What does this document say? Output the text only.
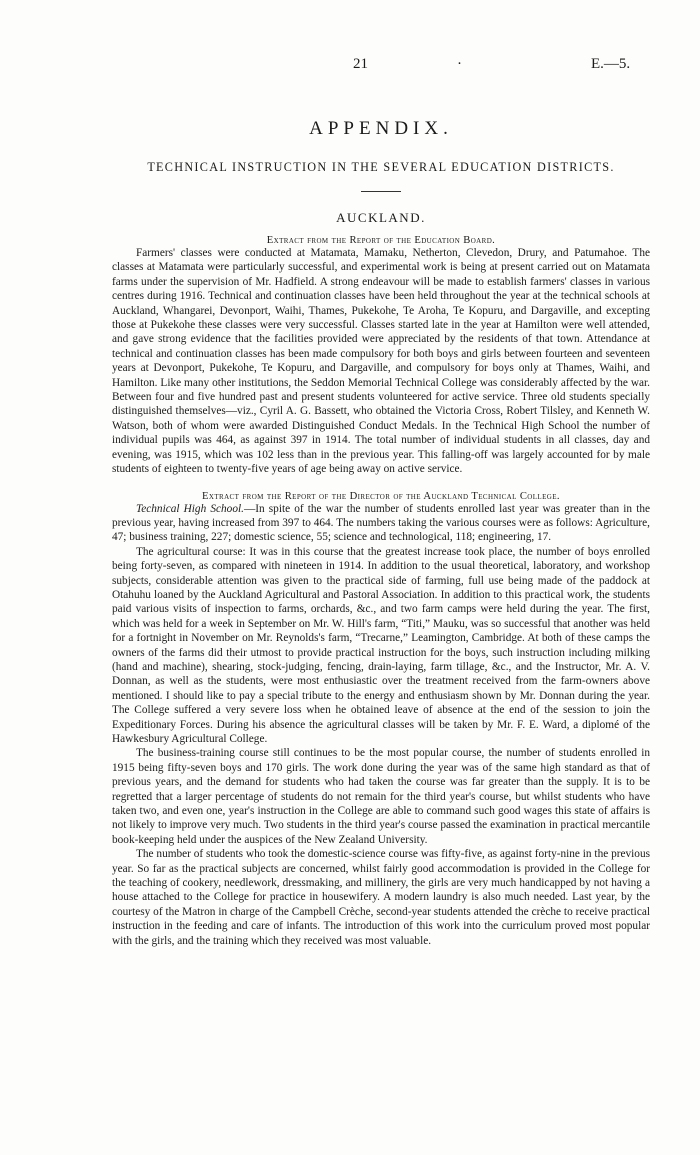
21	·	E.—5.
APPENDIX.
TECHNICAL INSTRUCTION IN THE SEVERAL EDUCATION DISTRICTS.
AUCKLAND.
Extract from the Report of the Education Board.

Farmers' classes were conducted at Matamata, Mamaku, Netherton, Clevedon, Drury, and Patumahoe. The classes at Matamata were particularly successful, and experimental work is being at present carried out on Matamata farms under the supervision of Mr. Hadfield. A strong endeavour will be made to establish farmers' classes in various centres during 1916. Technical and continuation classes have been held throughout the year at the technical schools at Auckland, Whangarei, Devonport, Waihi, Thames, Pukekohe, Te Aroha, Te Kopuru, and Dargaville, and excepting those at Pukekohe these classes were very successful. Classes started late in the year at Hamilton were well attended, and gave strong evidence that the facilities provided were appreciated by the residents of that town. Attendance at technical and continuation classes has been made compulsory for both boys and girls between fourteen and seventeen years at Devonport, Pukekohe, Te Kopuru, and Dargaville, and compulsory for boys only at Thames, Waihi, and Hamilton. Like many other institutions, the Seddon Memorial Technical College was considerably affected by the war. Between four and five hundred past and present students volunteered for active service. Three old students specially distinguished themselves—viz., Cyril A. G. Bassett, who obtained the Victoria Cross, Robert Tilsley, and Kenneth W. Watson, both of whom were awarded Distinguished Conduct Medals. In the Technical High School the number of individual pupils was 464, as against 397 in 1914. The total number of individual students in all classes, day and evening, was 1915, which was 102 less than in the previous year. This falling-off was largely accounted for by male students of eighteen to twenty-five years of age being away on active service.

Extract from the Report of the Director of the Auckland Technical College.

Technical High School.—In spite of the war the number of students enrolled last year was greater than in the previous year, having increased from 397 to 464. The numbers taking the various courses were as follows: Agriculture, 47; business training, 227; domestic science, 55; science and technological, 118; engineering, 17.

The agricultural course: It was in this course that the greatest increase took place, the number of boys enrolled being forty-seven, as compared with nineteen in 1914. In addition to the usual theoretical, laboratory, and workshop subjects, considerable attention was given to the practical side of farming, full use being made of the paddock at Otahuhu loaned by the Auckland Agricultural and Pastoral Association. In addition to this practical work, the students paid various visits of inspection to farms, orchards, &c., and two farm camps were held during the year. The first, which was held for a week in September on Mr. W. Hill's farm, “Titi,” Mauku, was so successful that another was held for a fortnight in November on Mr. Reynolds's farm, “Trecarne,” Leamington, Cambridge. At both of these camps the owners of the farms did their utmost to provide practical instruction for the boys, such instruction including milking (hand and machine), shearing, stock-judging, fencing, drain-laying, farm tillage, &c., and the Instructor, Mr. A. V. Donnan, as well as the students, were most enthusiastic over the treatment received from the farm-owners above mentioned. I should like to pay a special tribute to the energy and enthusiasm shown by Mr. Donnan during the year. The College suffered a very severe loss when he obtained leave of absence at the end of the session to join the Expeditionary Forces. During his absence the agricultural classes will be taken by Mr. F. E. Ward, a diplomé of the Hawkesbury Agricultural College.

The business-training course still continues to be the most popular course, the number of students enrolled in 1915 being fifty-seven boys and 170 girls. The work done during the year was of the same high standard as that of previous years, and the demand for students who had taken the course was far greater than the supply. It is to be regretted that a larger percentage of students do not remain for the third year's course, but whilst students who have taken two, and even one, year's instruction in the College are able to command such good wages this state of affairs is not likely to improve very much. Two students in the third year's course passed the examination in practical mercantile book-keeping held under the auspices of the New Zealand University.

The number of students who took the domestic-science course was fifty-five, as against forty-nine in the previous year. So far as the practical subjects are concerned, whilst fairly good accommodation is provided in the College for the teaching of cookery, needlework, dressmaking, and millinery, the girls are very much handicapped by not having a house attached to the College for practice in housewifery. A modern laundry is also much needed. Last year, by the courtesy of the Matron in charge of the Campbell Crèche, second-year students attended the crèche to receive practical instruction in the feeding and care of infants. The introduction of this work into the curriculum proved most popular with the girls, and the training which they received was most valuable.
